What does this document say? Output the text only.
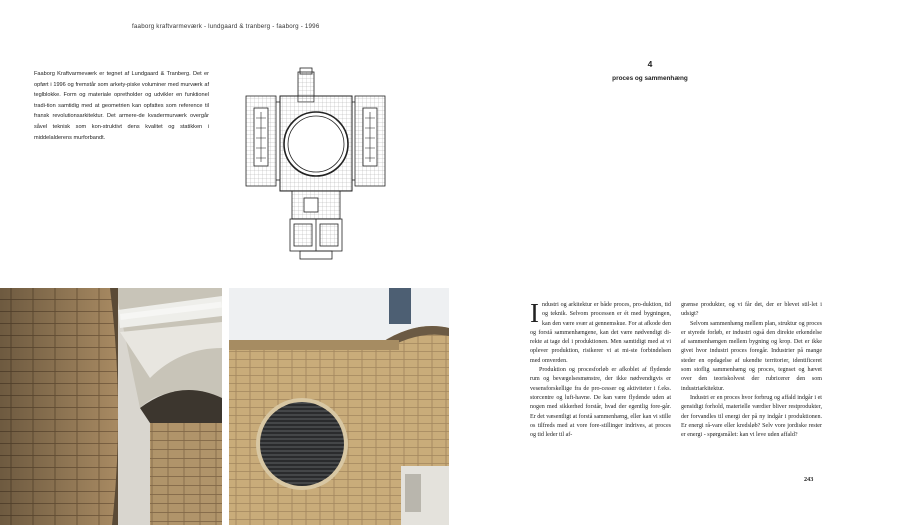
faaborg kraftvarmeværk - lundgaard & tranberg - faaborg - 1996
Faaborg Kraftvarmeværk er tegnet af Lundgaard & Tranberg. Det er opført i 1996 og fremstår som arkety-piske voluminer med murværk af teglblokke. Form og materiale opretholder og udvikler en funktionel tradi-tion samtidig med at geometrien kan opfattes som reference til fransk revolutionsarkitektur. Det armere-de kvadermurværk overgår såvel teknisk som kon-struktivt dens kvalitet og statikken i middelalderens murforbandt.
4
proces og sammenhæng

Industri og arkitektur er både proces, pro-duktion, tid og teknik. Selvom processen er ét med bygningen, kan den være svær at gennemskue. For at afkode den og forstå sammenhængene, kan det være nødvendigt di-rekte at tage del i produktionen. Men samtidigt med at vi oplever produktion, risikerer vi at mi-ste forbindelsen med omverden.

Produktion og procesforløb er afkoblet af flydende rum og bevægelsesmønstre, der ikke nødvendigvis er vesensforskellige fra de pro-cesser og aktiviteter i f.eks. storcentre og luft-havne. De kan være flydende uden at nogen med sikkerhed forstår, hvad der egentlig fore-går. Er det væsentligt at forstå sammenhæng, eller kan vi stille os tilfreds med at vore fore-stillinger indrives, at proces og tid leder til af-

grænse produkter, og vi får det, der er blevet stil-let i udsigt?

Selvom sammenhæng mellem plan, struktur og proces er styrede forløb, er industri også den direkte erkendelse af sammenhængen mellem bygning og krop. Det er ikke givet hvor industri proces foregår. Industrier på mange steder en opdagelse af ukendte territorier, identificeret som stoflig sammenhæng og proces, tegnset og hævet over den teoriskolvest der rubricerer den som industriarkitektur.

Industri er en proces hvor forbrug og affald indgår i et gensidigt forhold, materielle værdier bliver restprodukter, der forvandles til energi der på ny indgår i produktionen. Er energi rå-vare eller kredsløb? Selv vore jordiske rester er energi - spørgsmålet: kan vi leve uden affald?

243
